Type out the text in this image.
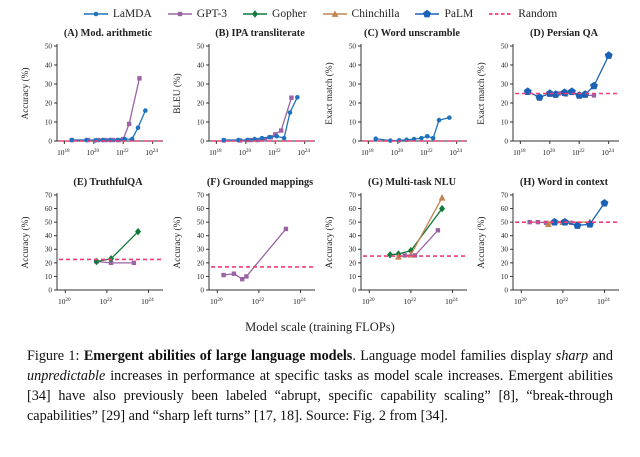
LaMDA	GPT-3	Gopher	Chinchilla	PaLM	Random
(A) Mod. arithmetic
0
10
20
30
40
50
$10^{18}$ $10^{20}$ $10^{22}$ $10^{24}$
Accuracy (%)
(B) IPA transliterate
0
10
20
30
40
50
$10^{18}$ $10^{20}$ $10^{22}$ $10^{24}$
BLEU (%)
(C) Word unscramble
0
10
20
30
40
50
$10^{18}$ $10^{20}$ $10^{22}$ $10^{24}$
Exact match (%)
(D) Persian QA
0
10
20
30
40
50
$10^{18}$ $10^{20}$ $10^{22}$ $10^{24}$
Exact match (%)
(E) TruthfulQA
0
10
20
30
40
50
60
70
$10^{20}$	$10^{22}$	$10^{24}$
Accuracy (%)
(F) Grounded mappings
0
10
20
30
40
50
60
70
$10^{20}$	$10^{22}$	$10^{24}$
Accuracy (%)
(G) Multi-task NLU
0
10
20
30
40
50
60
70
$10^{20}$	$10^{22}$	$10^{24}$
Accuracy (%)
(H) Word in context
0
10
20
30
40
50
60
70
$10^{20}$	$10^{22}$	$10^{24}$
Accuracy (%)
Model scale (training FLOPs)

Figure 1: Emergent abilities of large language models. Language model families display sharp and unpredictable increases in performance at specific tasks as model scale increases. Emergent abilities [34] have also previously been labeled “abrupt, specific capability scaling” [8], “break-through capabilities” [29] and “sharp left turns” [17, 18]. Source: Fig. 2 from [34].
